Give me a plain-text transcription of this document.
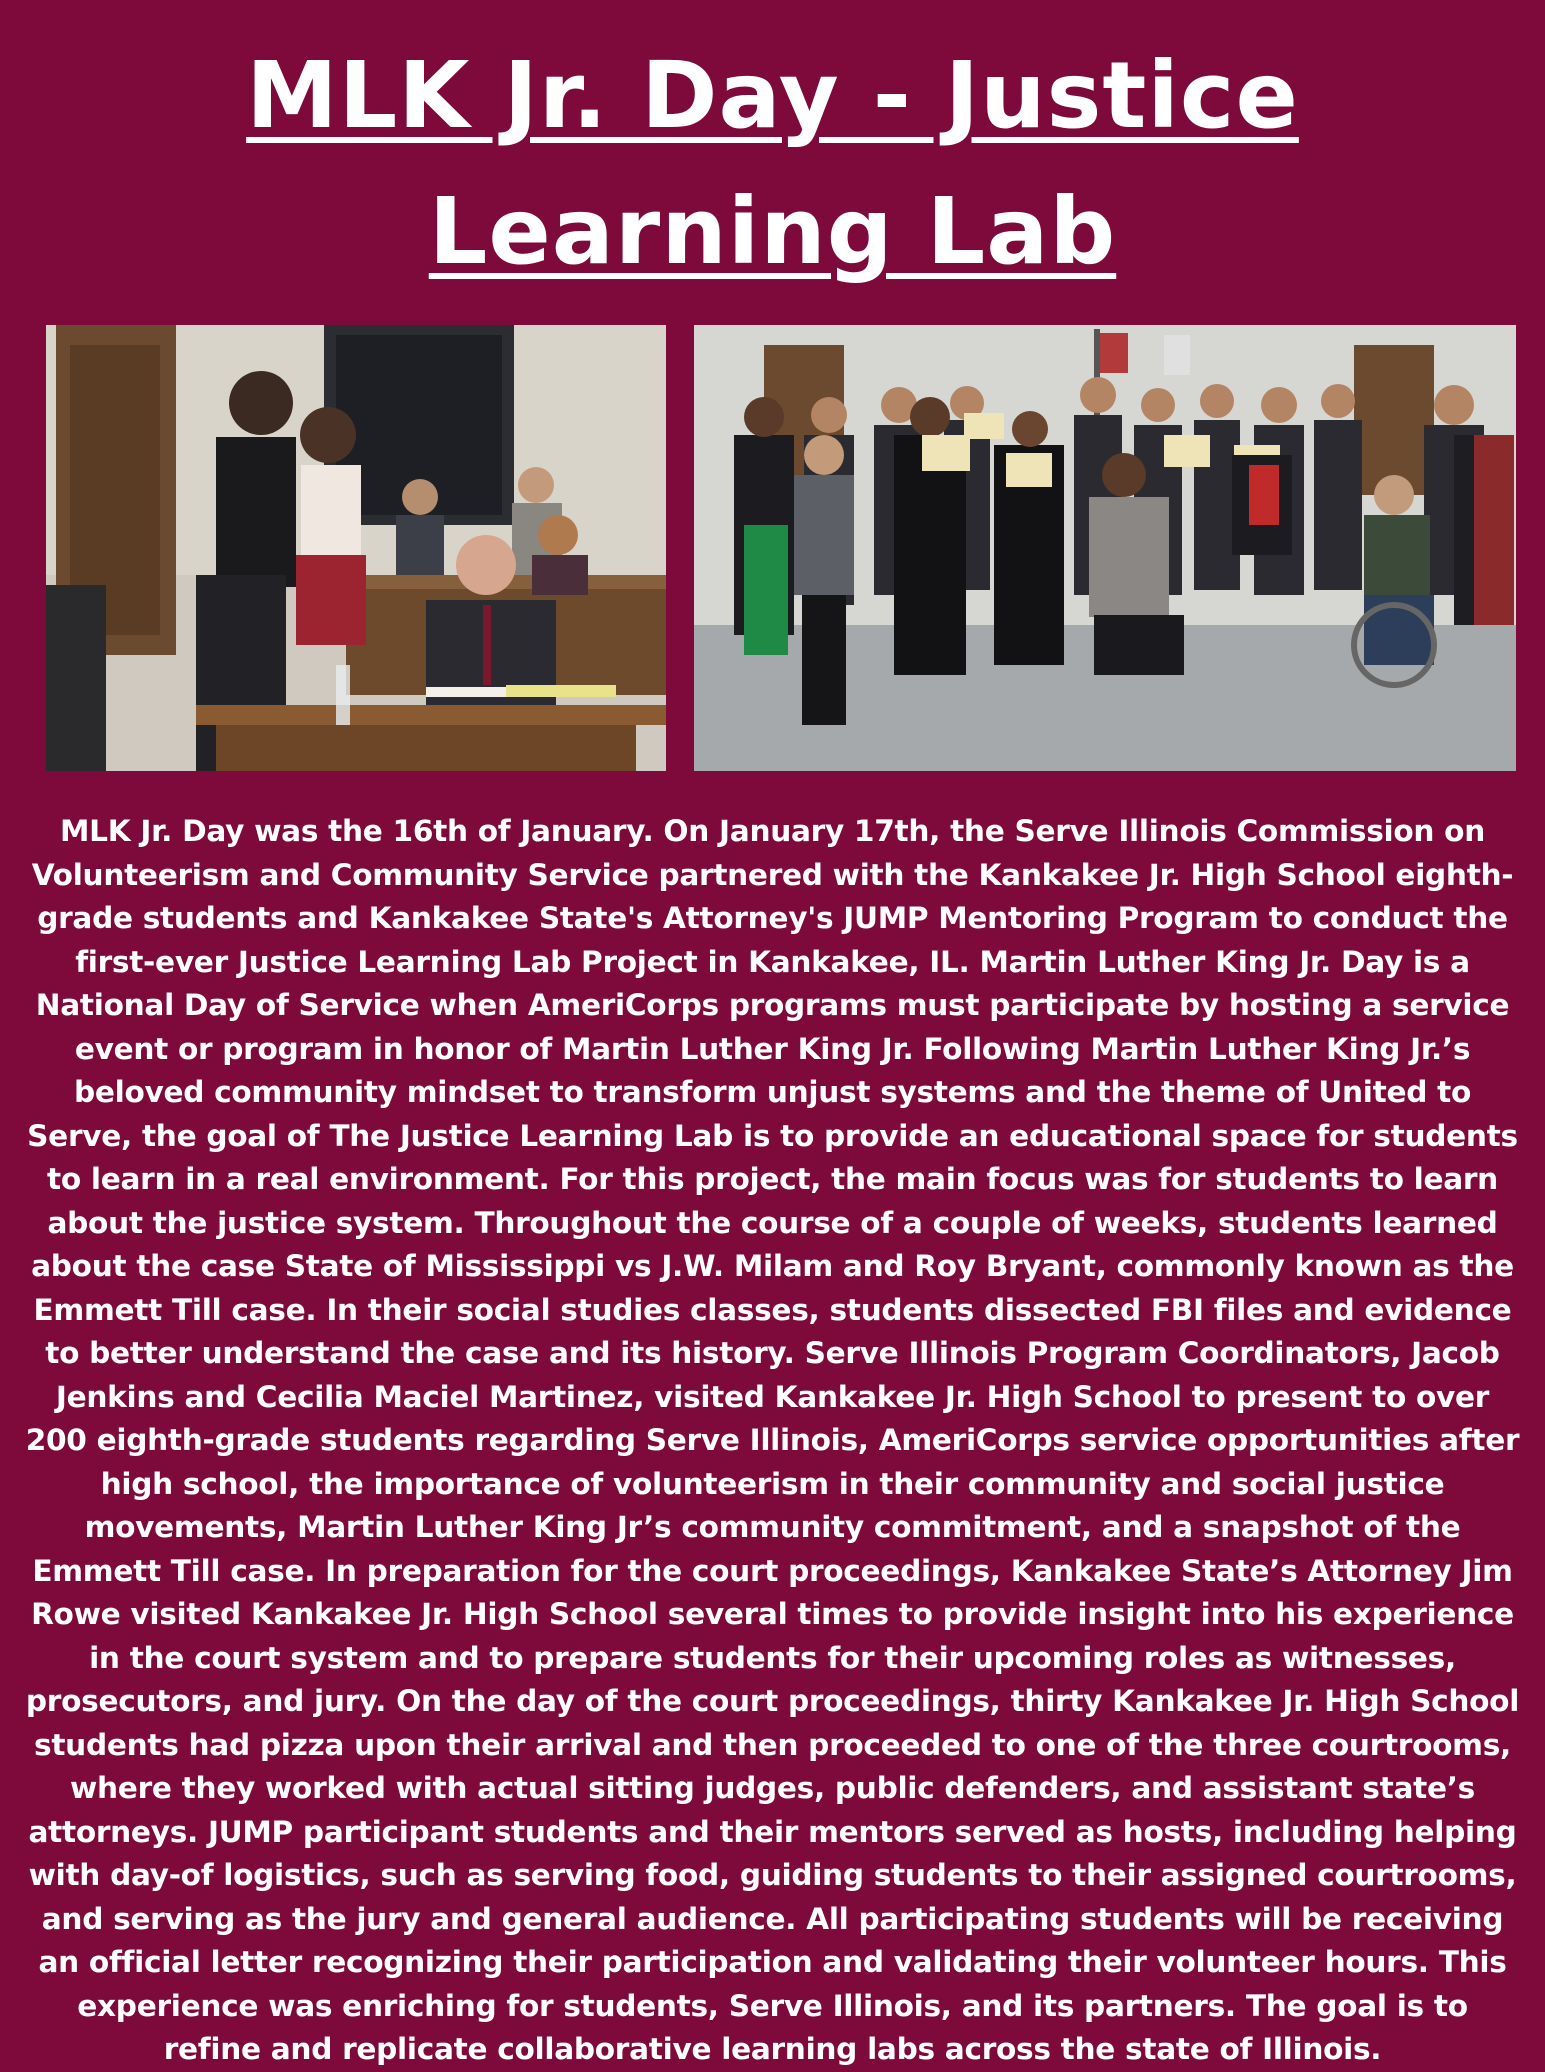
MLK Jr. Day - Justice Learning Lab

MLK Jr. Day was the 16th of January. On January 17th, the Serve Illinois Commission on Volunteerism and Community Service partnered with the Kankakee Jr. High School eighth-grade students and Kankakee State's Attorney's JUMP Mentoring Program to conduct the first-ever Justice Learning Lab Project in Kankakee, IL. Martin Luther King Jr. Day is a National Day of Service when AmeriCorps programs must participate by hosting a service event or program in honor of Martin Luther King Jr. Following Martin Luther King Jr.’s beloved community mindset to transform unjust systems and the theme of United to Serve, the goal of The Justice Learning Lab is to provide an educational space for students to learn in a real environment. For this project, the main focus was for students to learn about the justice system. Throughout the course of a couple of weeks, students learned about the case State of Mississippi vs J.W. Milam and Roy Bryant, commonly known as the Emmett Till case. In their social studies classes, students dissected FBI files and evidence to better understand the case and its history. Serve Illinois Program Coordinators, Jacob Jenkins and Cecilia Maciel Martinez, visited Kankakee Jr. High School to present to over 200 eighth-grade students regarding Serve Illinois, AmeriCorps service opportunities after high school, the importance of volunteerism in their community and social justice movements, Martin Luther King Jr’s community commitment, and a snapshot of the Emmett Till case. In preparation for the court proceedings, Kankakee State’s Attorney Jim Rowe visited Kankakee Jr. High School several times to provide insight into his experience in the court system and to prepare students for their upcoming roles as witnesses, prosecutors, and jury. On the day of the court proceedings, thirty Kankakee Jr. High School students had pizza upon their arrival and then proceeded to one of the three courtrooms, where they worked with actual sitting judges, public defenders, and assistant state’s attorneys. JUMP participant students and their mentors served as hosts, including helping with day-of logistics, such as serving food, guiding students to their assigned courtrooms, and serving as the jury and general audience. All participating students will be receiving an official letter recognizing their participation and validating their volunteer hours. This experience was enriching for students, Serve Illinois, and its partners. The goal is to refine and replicate collaborative learning labs across the state of Illinois.
